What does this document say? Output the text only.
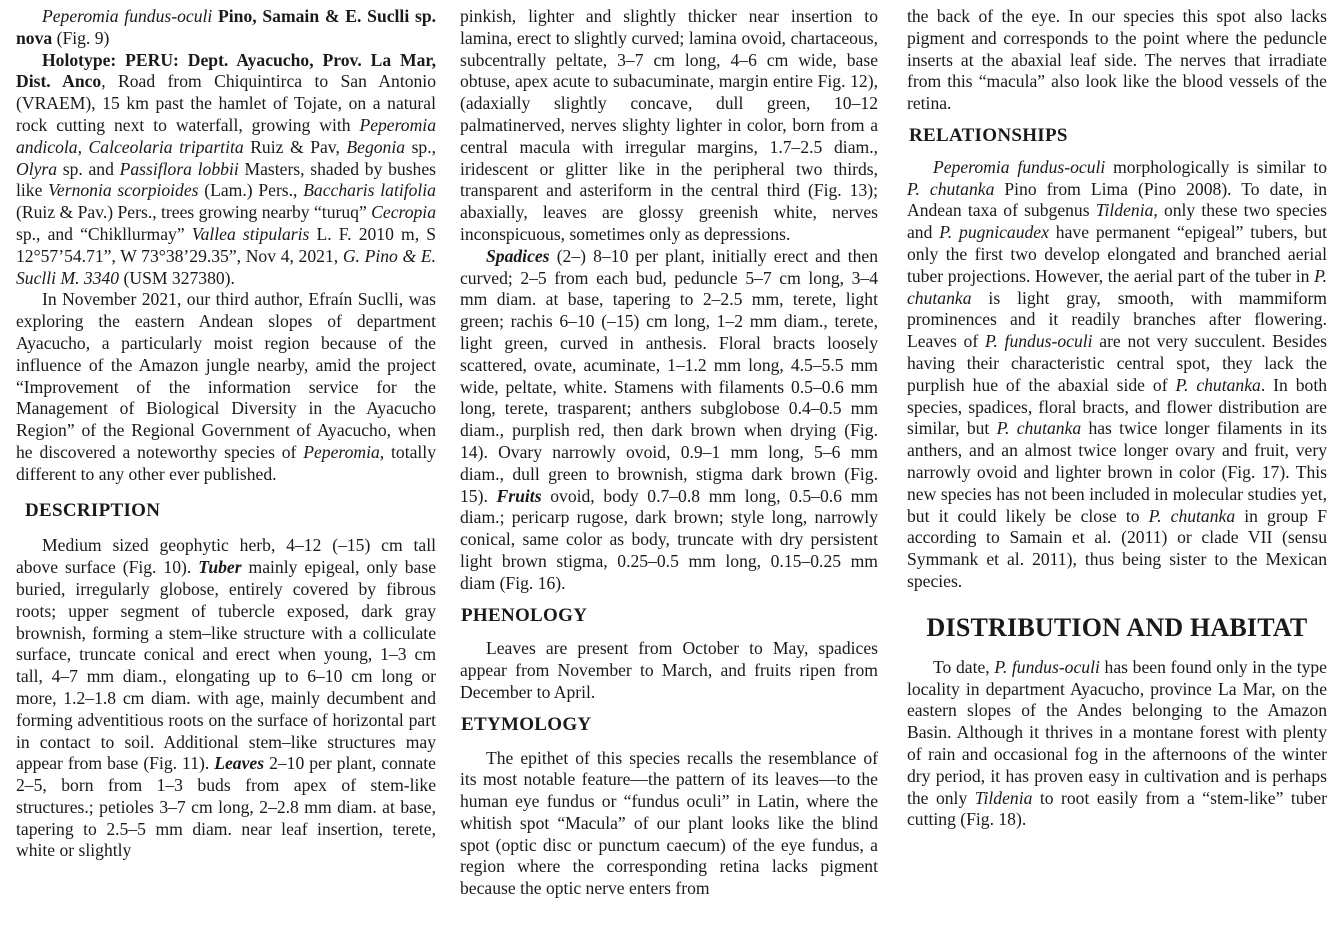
Peperomia fundus-oculi Pino, Samain & E. Suclli sp. nova (Fig. 9)

Holotype: PERU: Dept. Ayacucho, Prov. La Mar, Dist. Anco, Road from Chiquintirca to San Antonio (VRAEM), 15 km past the hamlet of Tojate, on a natural rock cutting next to waterfall, growing with Peperomia andicola, Calceolaria tripartita Ruiz & Pav, Begonia sp., Olyra sp. and Passiflora lobbii Masters, shaded by bushes like Vernonia scorpioides (Lam.) Pers., Baccharis latifolia (Ruiz & Pav.) Pers., trees growing nearby “turuq” Cecropia sp., and “Chikllurmay” Vallea stipularis L. F. 2010 m, S 12°57’54.71”, W 73°38’29.35”, Nov 4, 2021, G. Pino & E. Suclli M. 3340 (USM 327380).

In November 2021, our third author, Efraín Suclli, was exploring the eastern Andean slopes of department Ayacucho, a particularly moist region because of the influence of the Amazon jungle nearby, amid the project “Improvement of the information service for the Management of Biological Diversity in the Ayacucho Region” of the Regional Government of Ayacucho, when he discovered a noteworthy species of Peperomia, totally different to any other ever published.

DESCRIPTION

Medium sized geophytic herb, 4–12 (–15) cm tall above surface (Fig. 10). Tuber mainly epigeal, only base buried, irregularly globose, entirely covered by fibrous roots; upper segment of tubercle exposed, dark gray brownish, forming a stem–like structure with a colliculate surface, truncate conical and erect when young, 1–3 cm tall, 4–7 mm diam., elongating up to 6–10 cm long or more, 1.2–1.8 cm diam. with age, mainly decumbent and forming adventitious roots on the surface of horizontal part in contact to soil. Additional stem–like structures may appear from base (Fig. 11). Leaves 2–10 per plant, connate 2–5, born from 1–3 buds from apex of stem-like structures.; petioles 3–7 cm long, 2–2.8 mm diam. at base, tapering to 2.5–5 mm diam. near leaf insertion, terete, white or slightly

pinkish, lighter and slightly thicker near insertion to lamina, erect to slightly curved; lamina ovoid, chartaceous, subcentrally peltate, 3–7 cm long, 4–6 cm wide, base obtuse, apex acute to subacuminate, margin entire Fig. 12), (adaxially slightly concave, dull green, 10–12 palmatinerved, nerves slighty lighter in color, born from a central macula with irregular margins, 1.7–2.5 diam., iridescent or glitter like in the peripheral two thirds, transparent and asteriform in the central third (Fig. 13); abaxially, leaves are glossy greenish white, nerves inconspicuous, sometimes only as depressions.

Spadices (2–) 8–10 per plant, initially erect and then curved; 2–5 from each bud, peduncle 5–7 cm long, 3–4 mm diam. at base, tapering to 2–2.5 mm, terete, light green; rachis 6–10 (–15) cm long, 1–2 mm diam., terete, light green, curved in anthesis. Floral bracts loosely scattered, ovate, acuminate, 1–1.2 mm long, 4.5–5.5 mm wide, peltate, white. Stamens with filaments 0.5–0.6 mm long, terete, trasparent; anthers subglobose 0.4–0.5 mm diam., purplish red, then dark brown when drying (Fig. 14). Ovary narrowly ovoid, 0.9–1 mm long, 5–6 mm diam., dull green to brownish, stigma dark brown (Fig. 15). Fruits ovoid, body 0.7–0.8 mm long, 0.5–0.6 mm diam.; pericarp rugose, dark brown; style long, narrowly conical, same color as body, truncate with dry persistent light brown stigma, 0.25–0.5 mm long, 0.15–0.25 mm diam (Fig. 16).

PHENOLOGY

Leaves are present from October to May, spadices appear from November to March, and fruits ripen from December to April.

ETYMOLOGY

The epithet of this species recalls the resemblance of its most notable feature—the pattern of its leaves—to the human eye fundus or “fundus oculi” in Latin, where the whitish spot “Macula” of our plant looks like the blind spot (optic disc or punctum caecum) of the eye fundus, a region where the corresponding retina lacks pigment because the optic nerve enters from

the back of the eye. In our species this spot also lacks pigment and corresponds to the point where the peduncle inserts at the abaxial leaf side. The nerves that irradiate from this “macula” also look like the blood vessels of the retina.

RELATIONSHIPS

Peperomia fundus-oculi morphologically is similar to P. chutanka Pino from Lima (Pino 2008). To date, in Andean taxa of subgenus Tildenia, only these two species and P. pugnicaudex have permanent “epigeal” tubers, but only the first two develop elongated and branched aerial tuber projections. However, the aerial part of the tuber in P. chutanka is light gray, smooth, with mammiform prominences and it readily branches after flowering. Leaves of P. fundus-oculi are not very succulent. Besides having their characteristic central spot, they lack the purplish hue of the abaxial side of P. chutanka. In both species, spadices, floral bracts, and flower distribution are similar, but P. chutanka has twice longer filaments in its anthers, and an almost twice longer ovary and fruit, very narrowly ovoid and lighter brown in color (Fig. 17). This new species has not been included in molecular studies yet, but it could likely be close to P. chutanka in group F according to Samain et al. (2011) or clade VII (sensu Symmank et al. 2011), thus being sister to the Mexican species.

DISTRIBUTION AND HABITAT

To date, P. fundus-oculi has been found only in the type locality in department Ayacucho, province La Mar, on the eastern slopes of the Andes belonging to the Amazon Basin. Although it thrives in a montane forest with plenty of rain and occasional fog in the afternoons of the winter dry period, it has proven easy in cultivation and is perhaps the only Tildenia to root easily from a “stem-like” tuber cutting (Fig. 18).
